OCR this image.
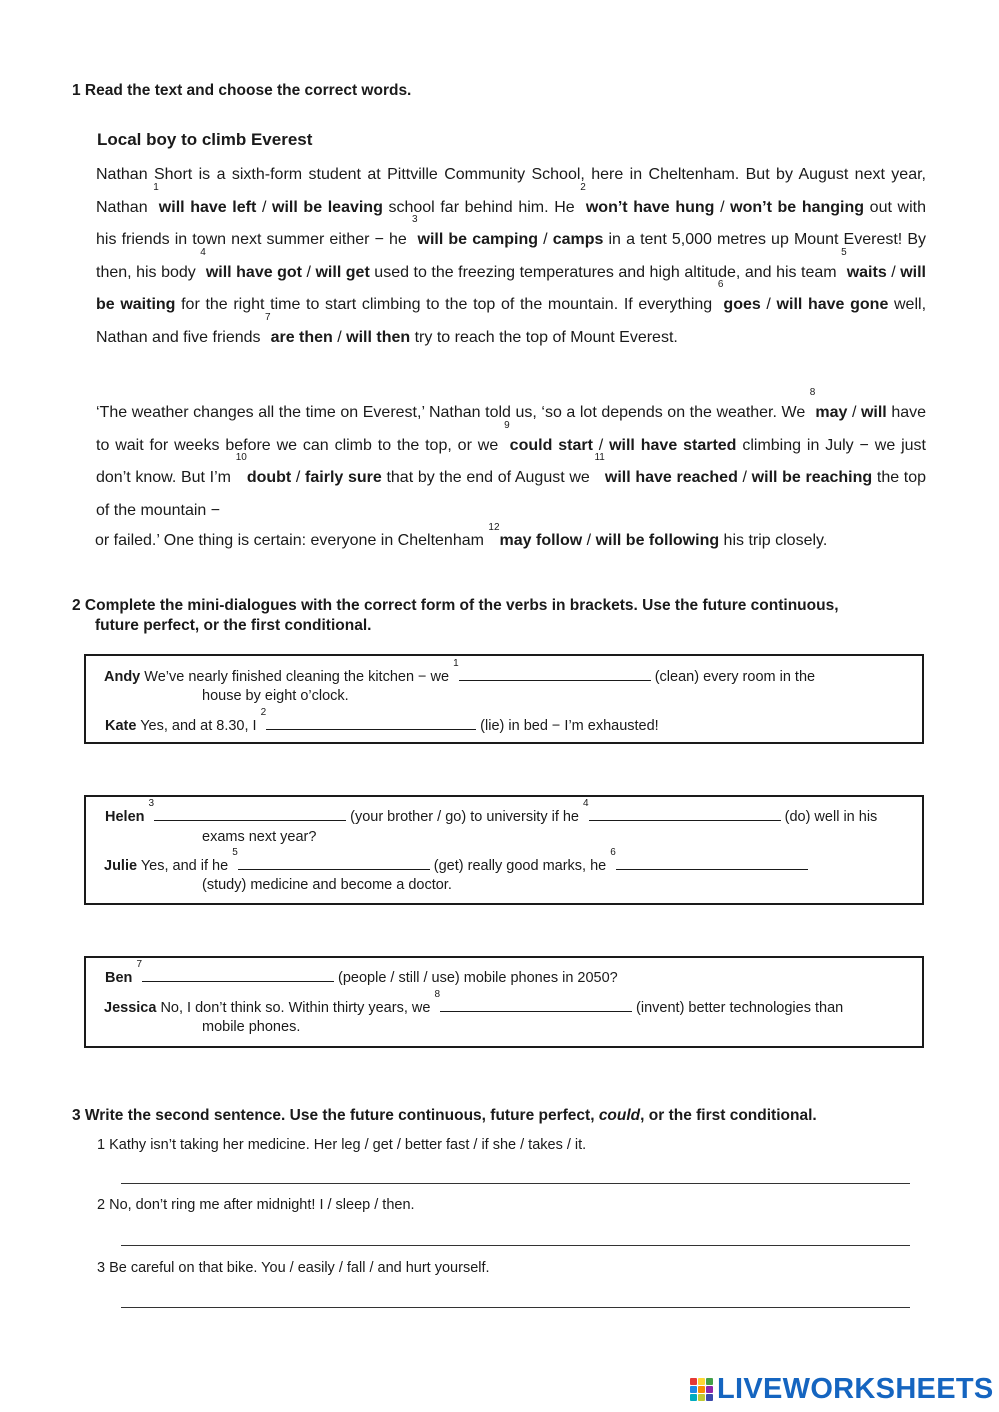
1 Read the text and choose the correct words.
Local boy to climb Everest
Nathan Short is a sixth-form student at Pittville Community School, here in Cheltenham. But by August next year, Nathan $^1$will have left / will be leaving school far behind him. He $^2$won’t have hung / won’t be hanging out with his friends in town next summer either − he $^3$will be camping / camps in a tent 5,000 metres up Mount Everest! By then, his body $^4$will have got / will get used to the freezing temperatures and high altitude, and his team $^5$waits / will be waiting for the right time to start climbing to the top of the mountain. If everything $^6$goes / will have gone well, Nathan and five friends $^7$are then / will then try to reach the top of Mount Everest.
‘The weather changes all the time on Everest,’ Nathan told us, ‘so a lot depends on the weather. We $^8$may / will have to wait for weeks before we can climb to the top, or we $^9$could start / will have started climbing in July − we just don’t know. But I’m $^{10}$doubt / fairly sure that by the end of August we $^{11}$will have reached / will be reaching the top of the mountain −
or failed.’ One thing is certain: everyone in Cheltenham $^{12}$may follow / will be following his trip closely.
2 Complete the mini-dialogues with the correct form of the verbs in brackets. Use the future continuous,
future perfect, or the first conditional.
Andy We’ve nearly finished cleaning the kitchen − we $^1$ (clean) every room in the
house by eight o’clock.
Kate Yes, and at 8.30, I $^2$ (lie) in bed − I’m exhausted!
Helen $^3$ (your brother / go) to university if he $^4$ (do) well in his
exams next year?
Julie Yes, and if he $^5$ (get) really good marks, he $^6$
(study) medicine and become a doctor.
Ben $^7$ (people / still / use) mobile phones in 2050?
Jessica No, I don’t think so. Within thirty years, we $^8$ (invent) better technologies than
mobile phones.
3 Write the second sentence. Use the future continuous, future perfect, could, or the first conditional.
1 Kathy isn’t taking her medicine. Her leg / get / better fast / if she / takes / it.
2 No, don’t ring me after midnight! I / sleep / then.
3 Be careful on that bike. You / easily / fall / and hurt yourself.
LIVEWORKSHEETS
